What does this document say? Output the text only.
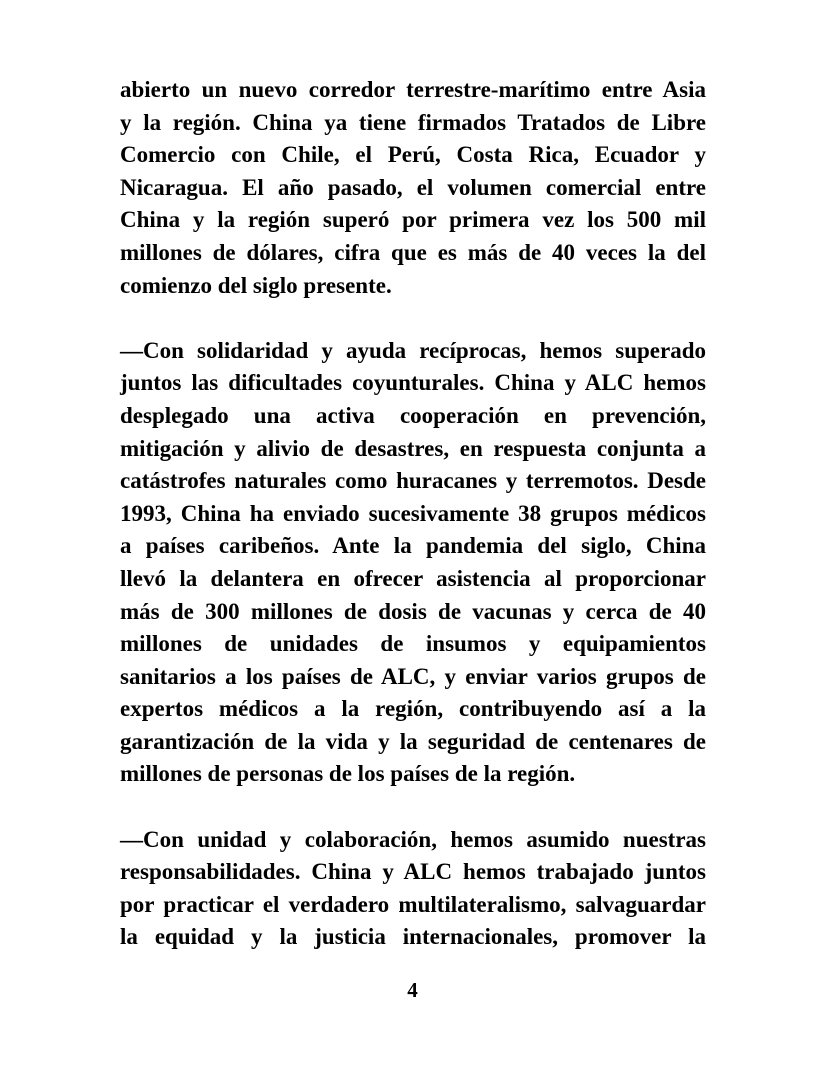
abierto un nuevo corredor terrestre-marítimo entre Asia
y la región. China ya tiene firmados Tratados de Libre
Comercio con Chile, el Perú, Costa Rica, Ecuador y
Nicaragua. El año pasado, el volumen comercial entre
China y la región superó por primera vez los 500 mil
millones de dólares, cifra que es más de 40 veces la del
comienzo del siglo presente.
—Con solidaridad y ayuda recíprocas, hemos superado
juntos las dificultades coyunturales. China y ALC hemos
desplegado una activa cooperación en prevención,
mitigación y alivio de desastres, en respuesta conjunta a
catástrofes naturales como huracanes y terremotos. Desde
1993, China ha enviado sucesivamente 38 grupos médicos
a países caribeños. Ante la pandemia del siglo, China
llevó la delantera en ofrecer asistencia al proporcionar
más de 300 millones de dosis de vacunas y cerca de 40
millones de unidades de insumos y equipamientos
sanitarios a los países de ALC, y enviar varios grupos de
expertos médicos a la región, contribuyendo así a la
garantización de la vida y la seguridad de centenares de
millones de personas de los países de la región.
—Con unidad y colaboración, hemos asumido nuestras
responsabilidades. China y ALC hemos trabajado juntos
por practicar el verdadero multilateralismo, salvaguardar
la equidad y la justicia internacionales, promover la
4
